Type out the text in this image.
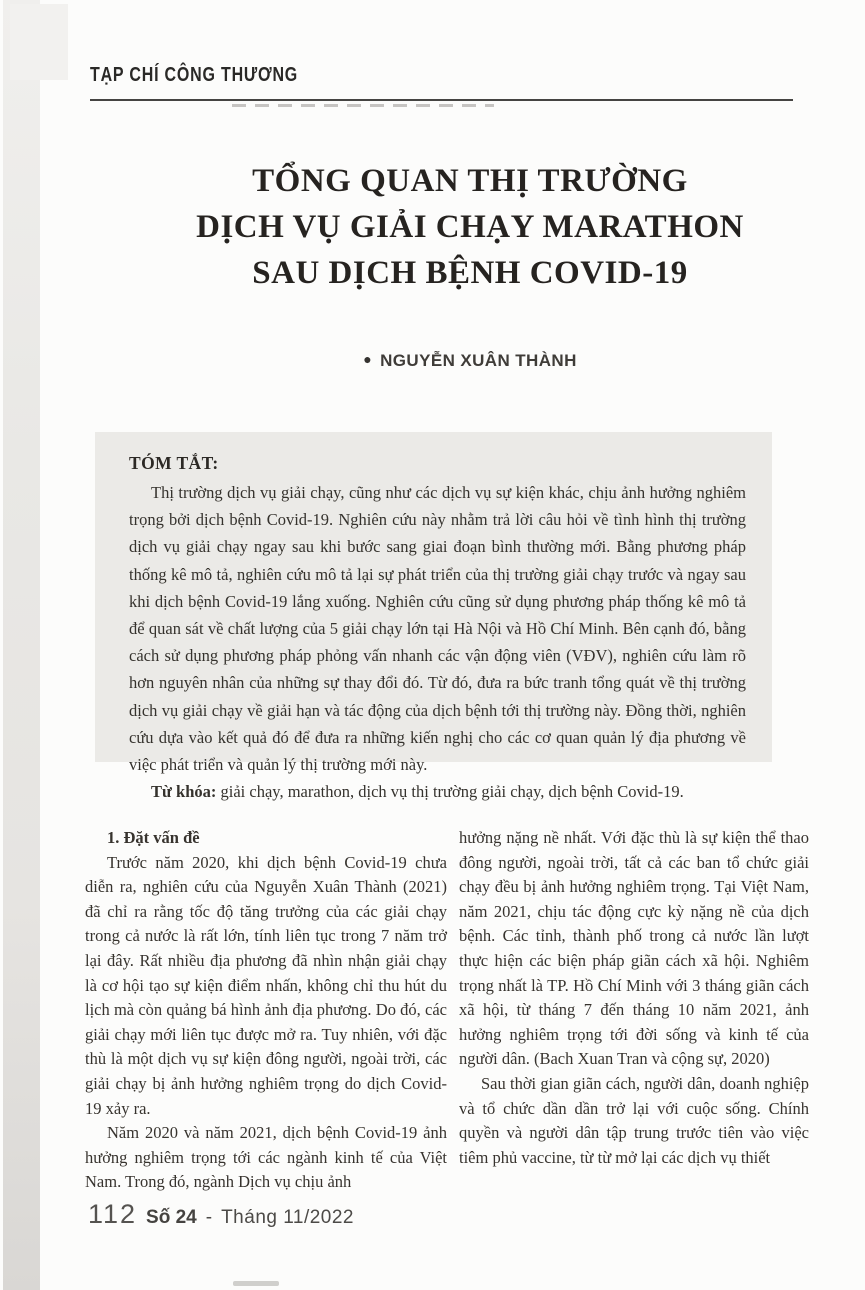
TẠP CHÍ CÔNG THƯƠNG
TỔNG QUAN THỊ TRƯỜNG
DỊCH VỤ GIẢI CHẠY MARATHON
SAU DỊCH BỆNH COVID-19
● NGUYỄN XUÂN THÀNH

TÓM TẮT:

Thị trường dịch vụ giải chạy, cũng như các dịch vụ sự kiện khác, chịu ảnh hưởng nghiêm trọng bởi dịch bệnh Covid-19. Nghiên cứu này nhằm trả lời câu hỏi về tình hình thị trường dịch vụ giải chạy ngay sau khi bước sang giai đoạn bình thường mới. Bằng phương pháp thống kê mô tả, nghiên cứu mô tả lại sự phát triển của thị trường giải chạy trước và ngay sau khi dịch bệnh Covid-19 lắng xuống. Nghiên cứu cũng sử dụng phương pháp thống kê mô tả để quan sát về chất lượng của 5 giải chạy lớn tại Hà Nội và Hồ Chí Minh. Bên cạnh đó, bằng cách sử dụng phương pháp phỏng vấn nhanh các vận động viên (VĐV), nghiên cứu làm rõ hơn nguyên nhân của những sự thay đổi đó. Từ đó, đưa ra bức tranh tổng quát về thị trường dịch vụ giải chạy về giải hạn và tác động của dịch bệnh tới thị trường này. Đồng thời, nghiên cứu dựa vào kết quả đó để đưa ra những kiến nghị cho các cơ quan quản lý địa phương về việc phát triển và quản lý thị trường mới này.

Từ khóa: giải chạy, marathon, dịch vụ thị trường giải chạy, dịch bệnh Covid-19.

1. Đặt vấn đề

Trước năm 2020, khi dịch bệnh Covid-19 chưa diễn ra, nghiên cứu của Nguyễn Xuân Thành (2021) đã chỉ ra rằng tốc độ tăng trưởng của các giải chạy trong cả nước là rất lớn, tính liên tục trong 7 năm trở lại đây. Rất nhiều địa phương đã nhìn nhận giải chạy là cơ hội tạo sự kiện điểm nhấn, không chỉ thu hút du lịch mà còn quảng bá hình ảnh địa phương. Do đó, các giải chạy mới liên tục được mở ra. Tuy nhiên, với đặc thù là một dịch vụ sự kiện đông người, ngoài trời, các giải chạy bị ảnh hưởng nghiêm trọng do dịch Covid-19 xảy ra.

Năm 2020 và năm 2021, dịch bệnh Covid-19 ảnh hưởng nghiêm trọng tới các ngành kinh tế của Việt Nam. Trong đó, ngành Dịch vụ chịu ảnh

hưởng nặng nề nhất. Với đặc thù là sự kiện thể thao đông người, ngoài trời, tất cả các ban tổ chức giải chạy đều bị ảnh hưởng nghiêm trọng. Tại Việt Nam, năm 2021, chịu tác động cực kỳ nặng nề của dịch bệnh. Các tỉnh, thành phố trong cả nước lần lượt thực hiện các biện pháp giãn cách xã hội. Nghiêm trọng nhất là TP. Hồ Chí Minh với 3 tháng giãn cách xã hội, từ tháng 7 đến tháng 10 năm 2021, ảnh hưởng nghiêm trọng tới đời sống và kinh tế của người dân. (Bach Xuan Tran và cộng sự, 2020)

Sau thời gian giãn cách, người dân, doanh nghiệp và tổ chức dần dần trở lại với cuộc sống. Chính quyền và người dân tập trung trước tiên vào việc tiêm phủ vaccine, từ từ mở lại các dịch vụ thiết

112 Số 24 - Tháng 11/2022
